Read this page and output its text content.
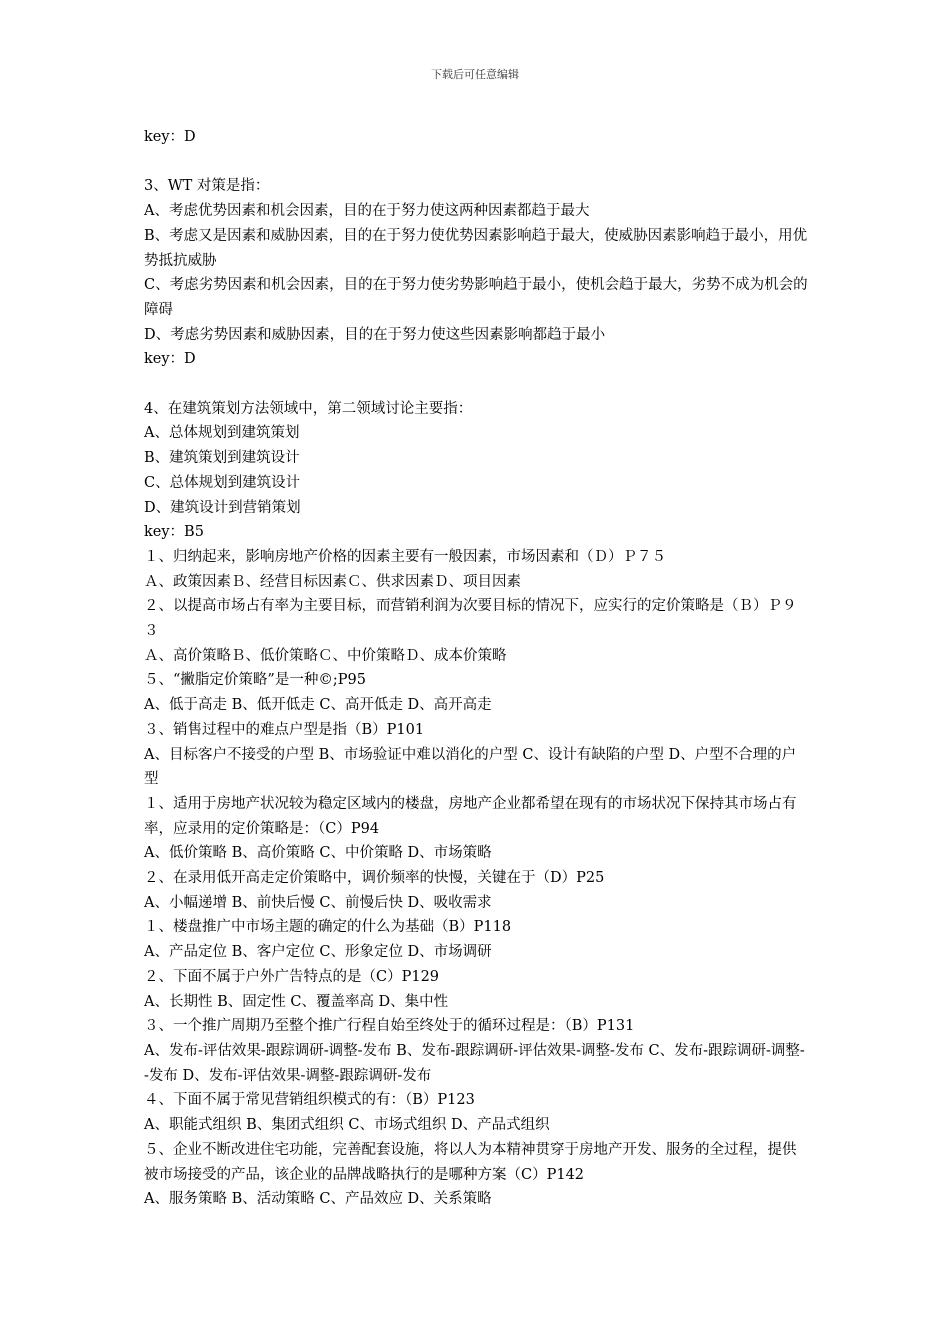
下载后可任意编辑
key：D
3、WT 对策是指：
A、考虑优势因素和机会因素，目的在于努力使这两种因素都趋于最大
B、考虑又是因素和威胁因素，目的在于努力使优势因素影响趋于最大，使威胁因素影响趋于最小，用优势抵抗威胁
C、考虑劣势因素和机会因素，目的在于努力使劣势影响趋于最小，使机会趋于最大，劣势不成为机会的障碍
D、考虑劣势因素和威胁因素，目的在于努力使这些因素影响都趋于最小
key：D
4、在建筑策划方法领域中，第二领域讨论主要指：
A、总体规划到建筑策划
B、建筑策划到建筑设计
C、总体规划到建筑设计
D、建筑设计到营销策划
key：B5
１、归纳起来，影响房地产价格的因素主要有一般因素，市场因素和（Ｄ）Ｐ７５
Ａ、政策因素Ｂ、经营目标因素Ｃ、供求因素Ｄ、项目因素
２、以提高市场占有率为主要目标，而营销利润为次要目标的情况下，应实行的定价策略是（Ｂ）Ｐ９３
Ａ、高价策略Ｂ、低价策略Ｃ、中价策略Ｄ、成本价策略
５、“撇脂定价策略”是一种©;P95
A、低于高走 B、低开低走 C、高开低走 D、高开高走
３、销售过程中的难点户型是指（B）P101
A、目标客户不接受的户型 B、市场验证中难以消化的户型 C、设计有缺陷的户型 D、户型不合理的户型
１、适用于房地产状况较为稳定区域内的楼盘，房地产企业都希望在现有的市场状况下保持其市场占有率，应录用的定价策略是：（C）P94
A、低价策略 B、高价策略 C、中价策略 D、市场策略
２、在录用低开高走定价策略中，调价频率的快慢，关键在于（D）P25
A、小幅递增 B、前快后慢 C、前慢后快 D、吸收需求
１、楼盘推广中市场主题的确定的什么为基础（B）P118
A、产品定位 B、客户定位 C、形象定位 D、市场调研
２、下面不属于户外广告特点的是（C）P129
A、长期性 B、固定性 C、覆盖率高 D、集中性
３、一个推广周期乃至整个推广行程自始至终处于的循环过程是：（B）P131
A、发布-评估效果-跟踪调研-调整-发布 B、发布-跟踪调研-评估效果-调整-发布 C、发布-跟踪调研-调整- -发布 D、发布-评估效果-调整-跟踪调研-发布
４、下面不属于常见营销组织模式的有：（B）P123
A、职能式组织 B、集团式组织 C、市场式组织 D、产品式组织
５、企业不断改进住宅功能，完善配套设施，将以人为本精神贯穿于房地产开发、服务的全过程，提供被市场接受的产品，该企业的品牌战略执行的是哪种方案（C）P142
A、服务策略 B、活动策略 C、产品效应 D、关系策略
